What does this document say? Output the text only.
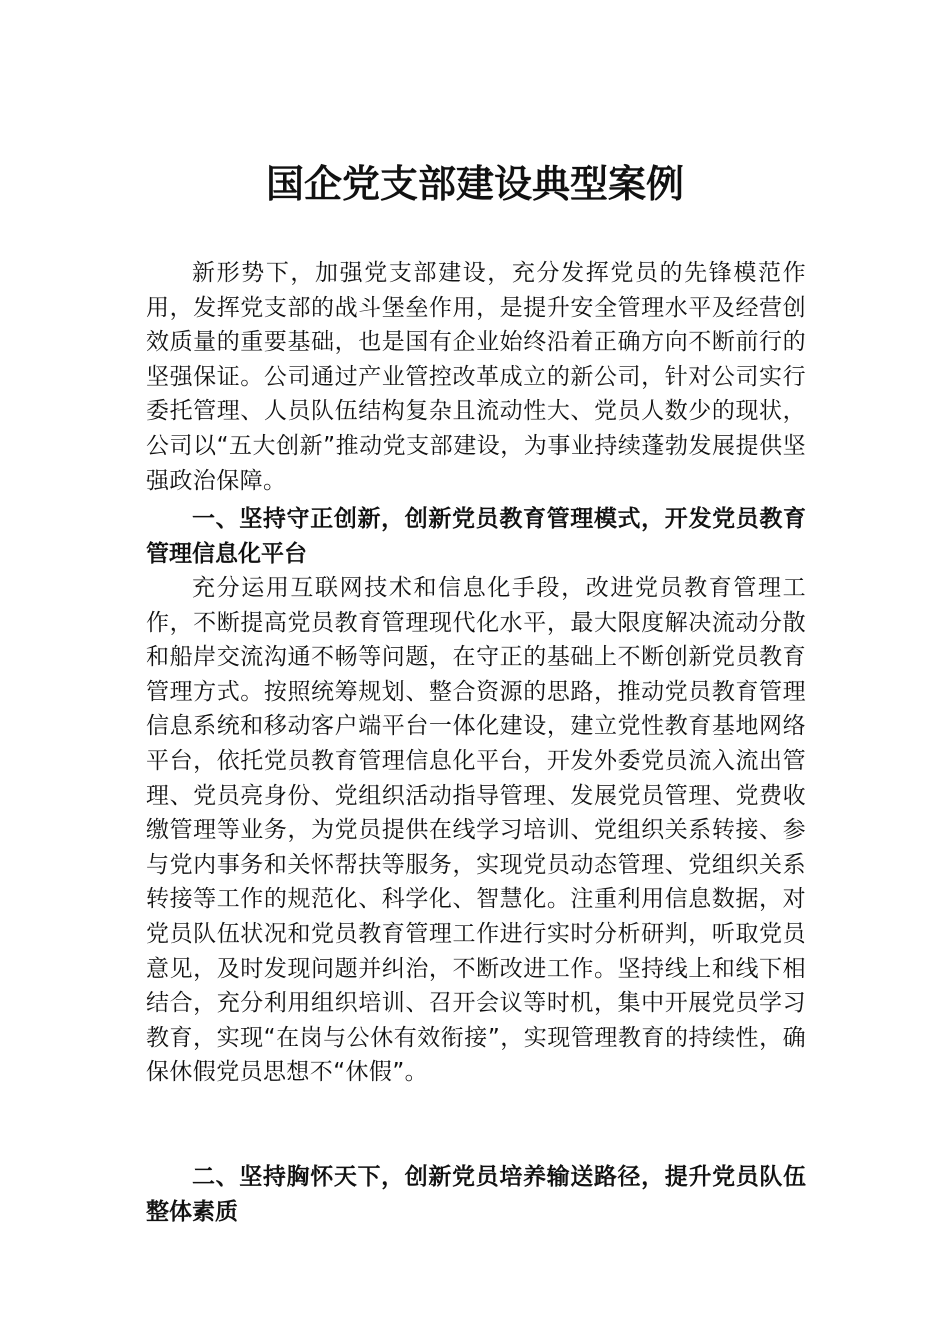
国企党支部建设典型案例

新形势下，加强党支部建设，充分发挥党员的先锋模范作用，发挥党支部的战斗堡垒作用，是提升安全管理水平及经营创效质量的重要基础，也是国有企业始终沿着正确方向不断前行的坚强保证。公司通过产业管控改革成立的新公司，针对公司实行委托管理、人员队伍结构复杂且流动性大、党员人数少的现状，公司以“五大创新”推动党支部建设，为事业持续蓬勃发展提供坚强政治保障。

一、坚持守正创新，创新党员教育管理模式，开发党员教育管理信息化平台

充分运用互联网技术和信息化手段，改进党员教育管理工作，不断提高党员教育管理现代化水平，最大限度解决流动分散和船岸交流沟通不畅等问题，在守正的基础上不断创新党员教育管理方式。按照统筹规划、整合资源的思路，推动党员教育管理信息系统和移动客户端平台一体化建设，建立党性教育基地网络平台，依托党员教育管理信息化平台，开发外委党员流入流出管理、党员亮身份、党组织活动指导管理、发展党员管理、党费收缴管理等业务，为党员提供在线学习培训、党组织关系转接、参与党内事务和关怀帮扶等服务，实现党员动态管理、党组织关系转接等工作的规范化、科学化、智慧化。注重利用信息数据，对党员队伍状况和党员教育管理工作进行实时分析研判，听取党员意见，及时发现问题并纠治，不断改进工作。坚持线上和线下相结合，充分利用组织培训、召开会议等时机，集中开展党员学习教育，实现“在岗与公休有效衔接”，实现管理教育的持续性，确保休假党员思想不“休假”。

二、坚持胸怀天下，创新党员培养输送路径，提升党员队伍整体素质
